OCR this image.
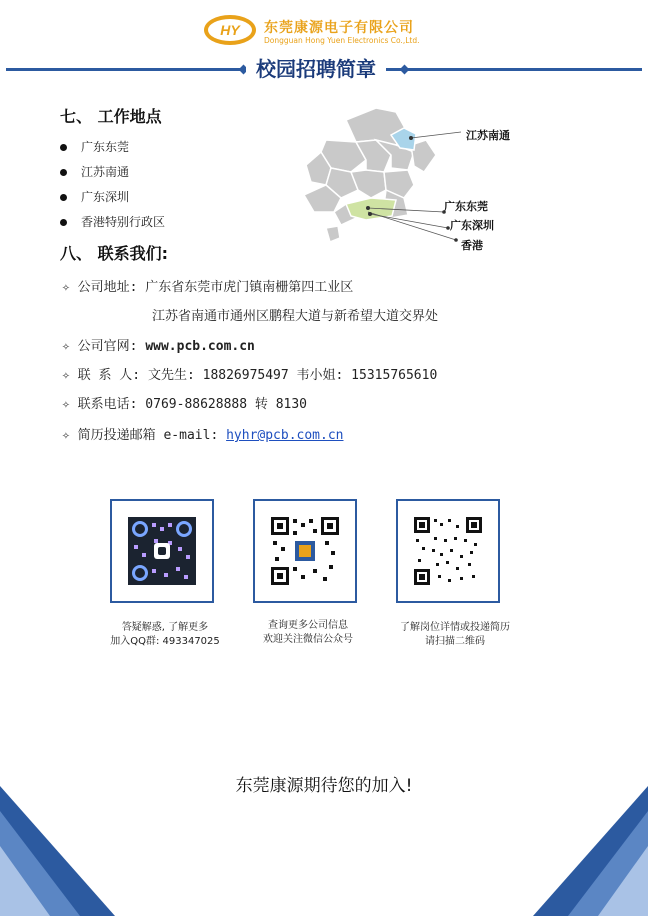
HY 东莞康源电子有限公司
Dongguan Hong Yuen Electronics Co.,Ltd.
校园招聘简章
七、 工作地点
广东东莞
江苏南通
广东深圳
香港特别行政区
江苏南通
广东东莞
广东深圳
香港
八、 联系我们:
✧ 公司地址: 广东省东莞市虎门镇南栅第四工业区
江苏省南通市通州区鹏程大道与新希望大道交界处
✧ 公司官网: www.pcb.com.cn
✧ 联 系 人: 文先生: 18826975497 韦小姐: 15315765610
✧ 联系电话: 0769-88628888 转 8130
✧ 简历投递邮箱 e-mail: hyhr@pcb.com.cn
答疑解惑, 了解更多
加入QQ群: 493347025
查询更多公司信息
欢迎关注微信公众号
了解岗位详情或投递简历
请扫描二维码
东莞康源期待您的加入!
